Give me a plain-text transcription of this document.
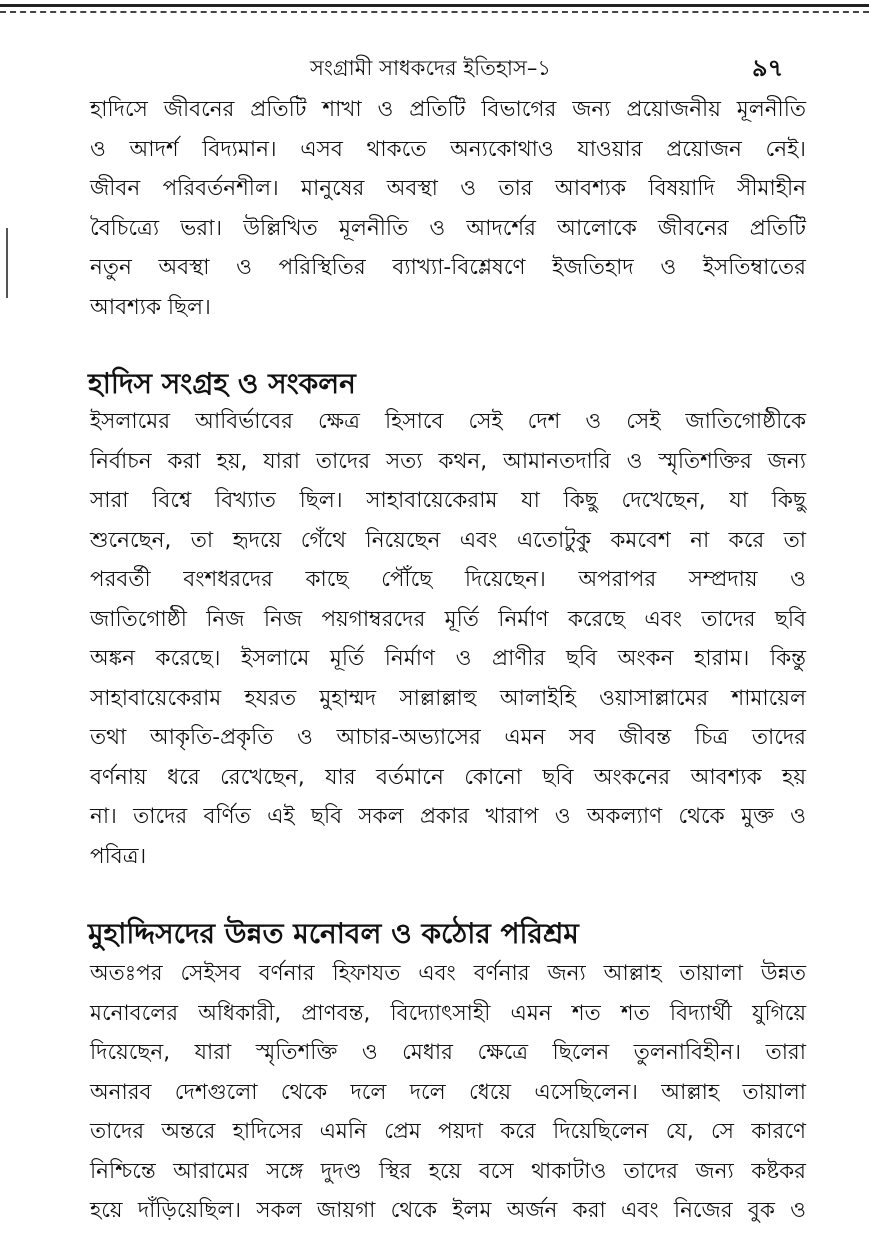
সংগ্রামী সাধকদের ইতিহাস–১	৯৭
হাদিসে জীবনের প্রতিটি শাখা ও প্রতিটি বিভাগের জন্য প্রয়োজনীয় মূলনীতি
ও আদর্শ বিদ্যমান। এসব থাকতে অন্যকোথাও যাওয়ার প্রয়োজন নেই।
জীবন পরিবর্তনশীল। মানুষের অবস্থা ও তার আবশ্যক বিষয়াদি সীমাহীন
বৈচিত্র্যে ভরা। উল্লিখিত মূলনীতি ও আদর্শের আলোকে জীবনের প্রতিটি
নতুন অবস্থা ও পরিস্থিতির ব্যাখ্যা-বিশ্লেষণে ইজতিহাদ ও ইসতিম্বাতের
আবশ্যক ছিল।
হাদিস সংগ্রহ ও সংকলন
ইসলামের আবির্ভাবের ক্ষেত্র হিসাবে সেই দেশ ও সেই জাতিগোষ্ঠীকে
নির্বাচন করা হয়, যারা তাদের সত্য কথন, আমানতদারি ও স্মৃতিশক্তির জন্য
সারা বিশ্বে বিখ্যাত ছিল। সাহাবায়েকেরাম যা কিছু দেখেছেন, যা কিছু
শুনেছেন, তা হৃদয়ে গেঁথে নিয়েছেন এবং এতোটুকু কমবেশ না করে তা
পরবর্তী বংশধরদের কাছে পৌঁছে দিয়েছেন। অপরাপর সম্প্রদায় ও
জাতিগোষ্ঠী নিজ নিজ পয়গাম্বরদের মূর্তি নির্মাণ করেছে এবং তাদের ছবি
অঙ্কন করেছে। ইসলামে মূর্তি নির্মাণ ও প্রাণীর ছবি অংকন হারাম। কিন্তু
সাহাবায়েকেরাম হযরত মুহাম্মদ সাল্লাল্লাহু আলাইহি ওয়াসাল্লামের শামায়েল
তথা আকৃতি-প্রকৃতি ও আচার-অভ্যাসের এমন সব জীবন্ত চিত্র তাদের
বর্ণনায় ধরে রেখেছেন, যার বর্তমানে কোনো ছবি অংকনের আবশ্যক হয়
না। তাদের বর্ণিত এই ছবি সকল প্রকার খারাপ ও অকল্যাণ থেকে মুক্ত ও
পবিত্র।
মুহাদ্দিসদের উন্নত মনোবল ও কঠোর পরিশ্রম
অতঃপর সেইসব বর্ণনার হিফাযত এবং বর্ণনার জন্য আল্লাহ তায়ালা উন্নত
মনোবলের অধিকারী, প্রাণবন্ত, বিদ্যোৎসাহী এমন শত শত বিদ্যার্থী যুগিয়ে
দিয়েছেন, যারা স্মৃতিশক্তি ও মেধার ক্ষেত্রে ছিলেন তুলনাবিহীন। তারা
অনারব দেশগুলো থেকে দলে দলে ধেয়ে এসেছিলেন। আল্লাহ তায়ালা
তাদের অন্তরে হাদিসের এমনি প্রেম পয়দা করে দিয়েছিলেন যে, সে কারণে
নিশ্চিন্তে আরামের সঙ্গে দুদণ্ড স্থির হয়ে বসে থাকাটাও তাদের জন্য কষ্টকর
হয়ে দাঁড়িয়েছিল। সকল জায়গা থেকে ইলম অর্জন করা এবং নিজের বুক ও
